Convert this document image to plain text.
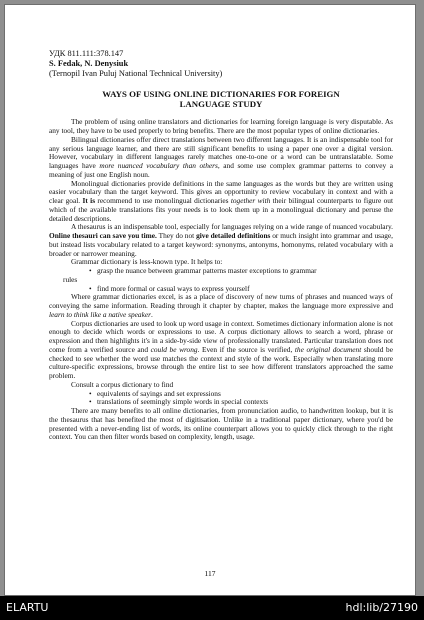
УДК 811.111:378.147
S. Fedak, N. Denysiuk
(Ternopil Ivan Puluj National Technical University)
WAYS OF USING ONLINE DICTIONARIES FOR FOREIGN
LANGUAGE STUDY

The problem of using online translators and dictionaries for learning foreign language is very disputable. As any tool, they have to be used properly to bring benefits. There are the most popular types of online dictionaries.

Bilingual dictionaries offer direct translations between two different languages. It is an indispensable tool for any serious language learner, and there are still significant benefits to using a paper one over a digital version. However, vocabulary in different languages rarely matches one-to-one or a word can be untranslatable. Some languages have more nuanced vocabulary than others, and some use complex grammar patterns to convey a meaning of just one English noun.

Monolingual dictionaries provide definitions in the same languages as the words but they are written using easier vocabulary than the target keyword. This gives an opportunity to review vocabulary in context and with a clear goal. It is recommend to use monolingual dictionaries together with their bilingual counterparts to figure out which of the available translations fits your needs is to look them up in a monolingual dictionary and peruse the detailed descriptions.

A thesaurus is an indispensable tool, especially for languages relying on a wide range of nuanced vocabulary. Online thesauri can save you time. They do not give detailed definitions or much insight into grammar and usage, but instead lists vocabulary related to a target keyword: synonyms, antonyms, homonyms, related vocabulary with a broader or narrower meaning.

Grammar dictionary is less-known type. It helps to:

• grasp the nuance between grammar patterns master exceptions to grammar
rules
• find more formal or casual ways to express yourself

Where grammar dictionaries excel, is as a place of discovery of new turns of phrases and nuanced ways of conveying the same information. Reading through it chapter by chapter, makes the language more expressive and learn to think like a native speaker.

Corpus dictionaries are used to look up word usage in context. Sometimes dictionary information alone is not enough to decide which words or expressions to use. A corpus dictionary allows to search a word, phrase or expression and then highlights it's in a side-by-side view of professionally translated. Particular translation does not come from a verified source and could be wrong. Even if the source is verified, the original document should be checked to see whether the word use matches the context and style of the work. Especially when translating more culture-specific expressions, browse through the entire list to see how different translators approached the same problem.

Consult a corpus dictionary to find

• equivalents of sayings and set expressions
• translations of seemingly simple words in special contexts

There are many benefits to all online dictionaries, from pronunciation audio, to handwritten lookup, but it is the thesaurus that has benefited the most of digitisation. Unlike in a traditional paper dictionary, where you'd be presented with a never-ending list of words, its online counterpart allows you to quickly click through to the right context. You can then filter words based on complexity, length, usage.

117
ELARTU	hdl:lib/27190
